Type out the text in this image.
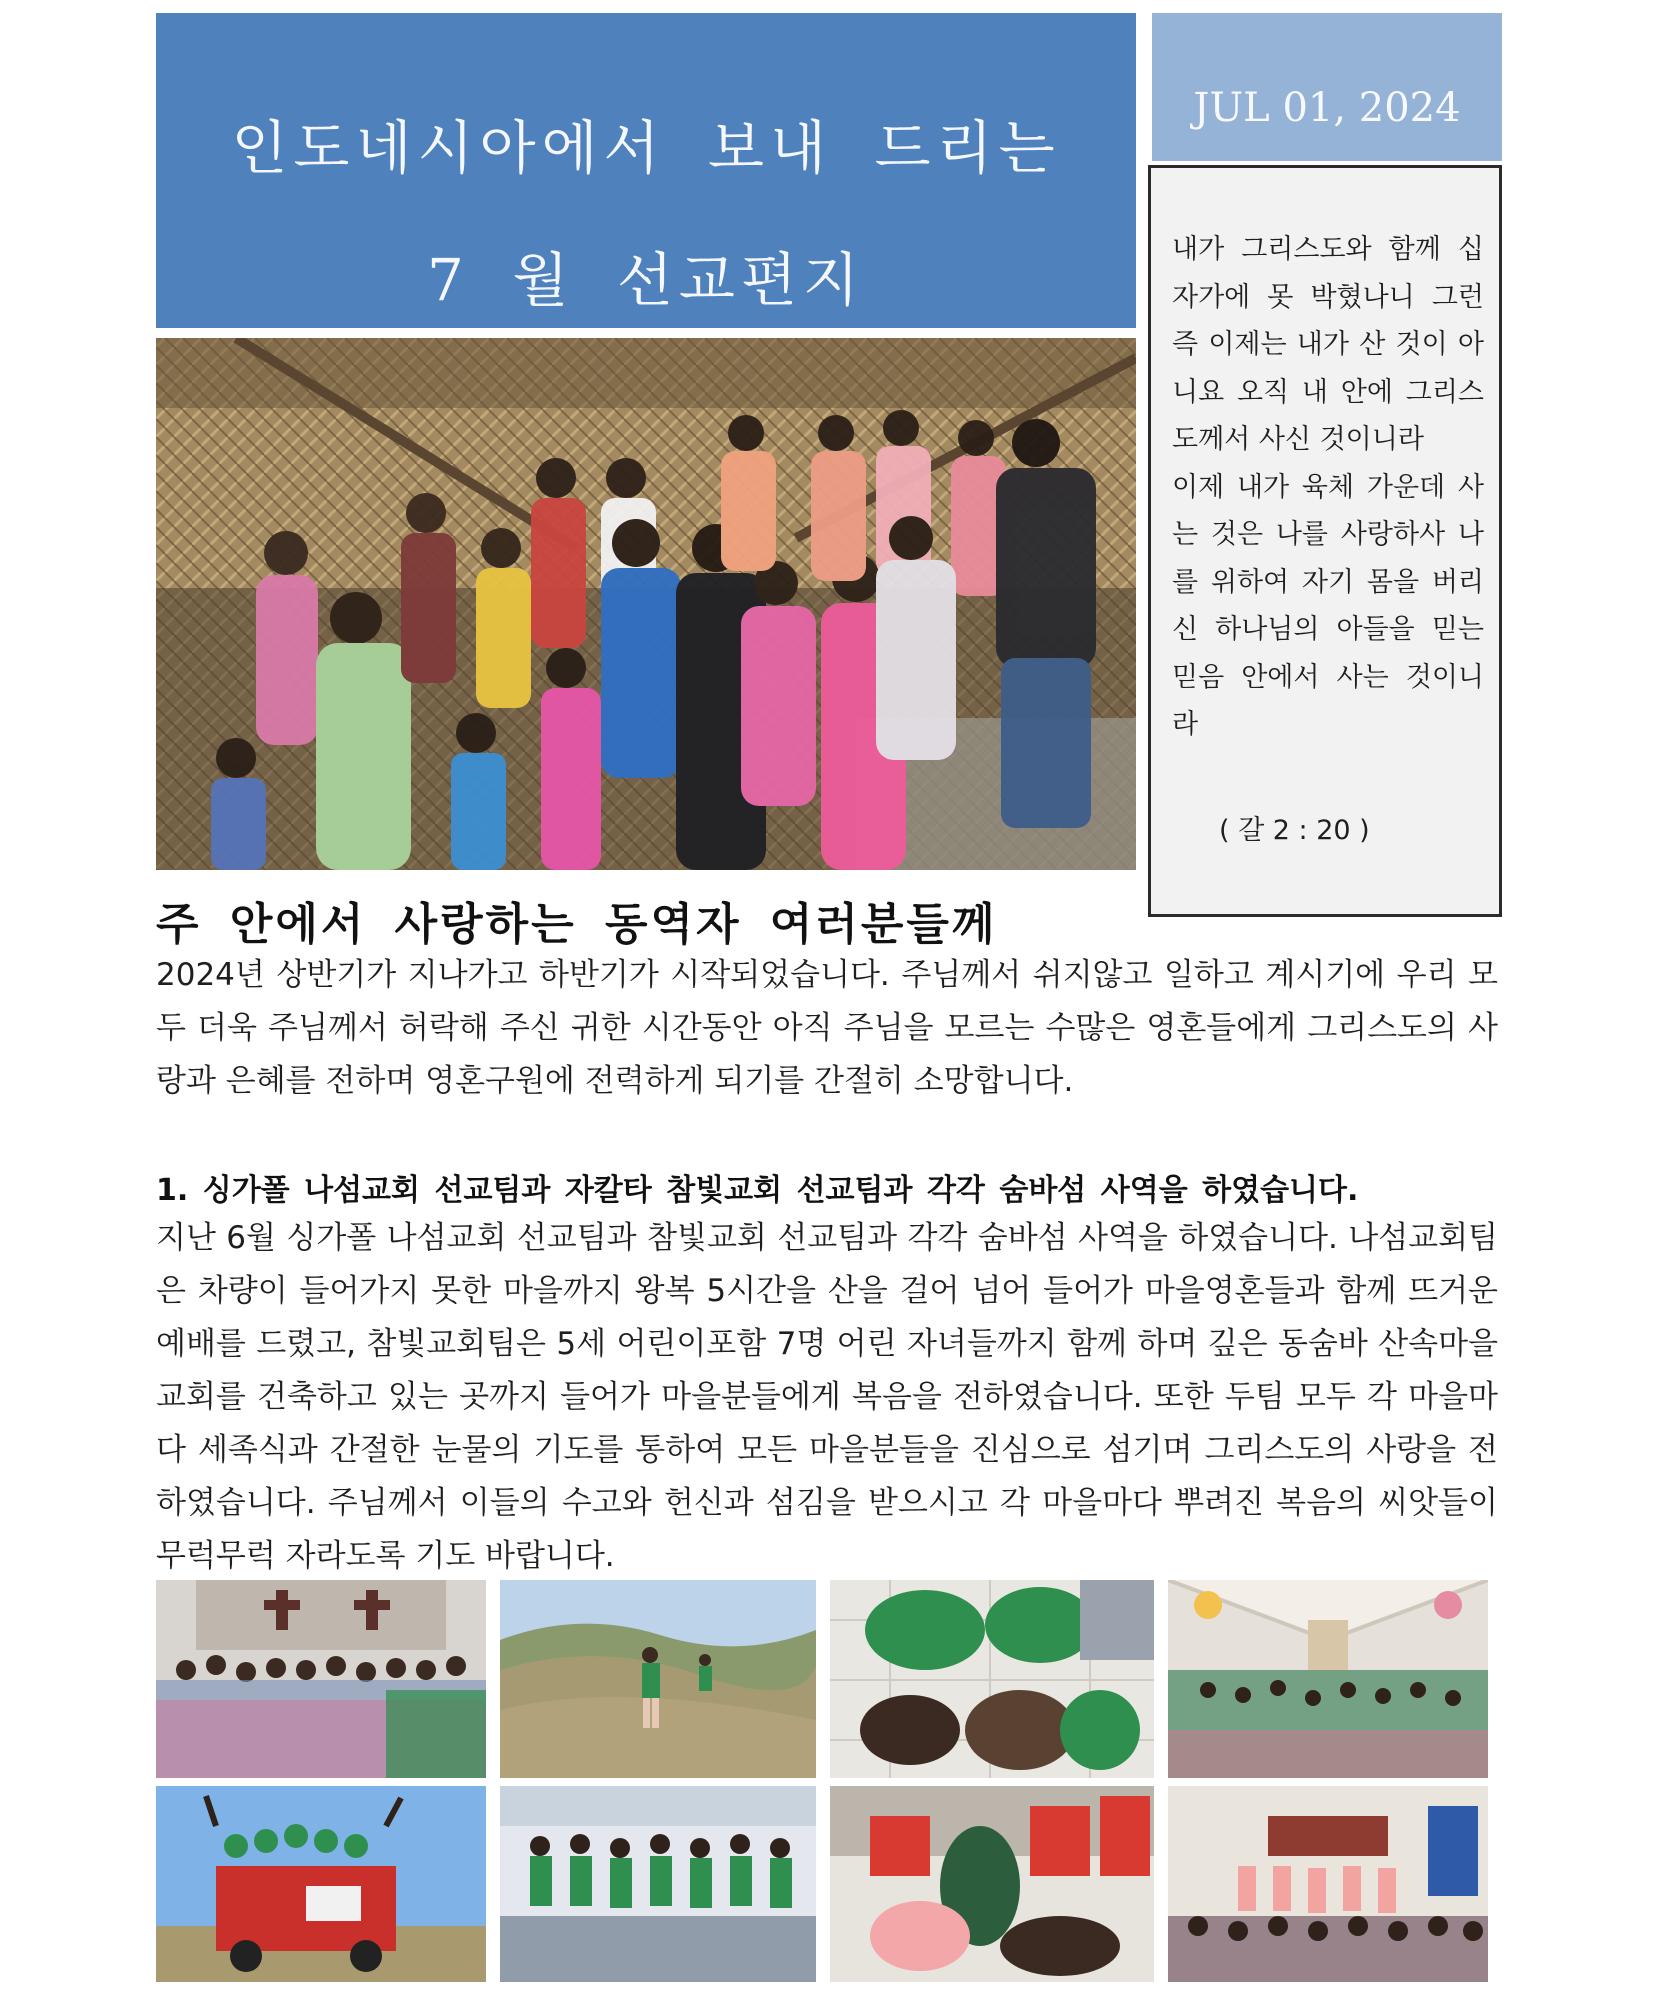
인도네시아에서 보내 드리는
7 월 선교편지
JUL 01, 2024
내가 그리스도와 함께 십자가에 못 박혔나니 그런즉 이제는 내가 산 것이 아니요 오직 내 안에 그리스도께서 사신 것이니라
이제 내가 육체 가운데 사는 것은 나를 사랑하사 나를 위하여 자기 몸을 버리신 하나님의 아들을 믿는 믿음 안에서 사는 것이니라
( 갈 2 : 20 )
주 안에서 사랑하는 동역자 여러분들께
2024년 상반기가 지나가고 하반기가 시작되었습니다. 주님께서 쉬지않고 일하고 계시기에 우리 모두 더욱 주님께서 허락해 주신 귀한 시간동안 아직 주님을 모르는 수많은 영혼들에게 그리스도의 사랑과 은혜를 전하며 영혼구원에 전력하게 되기를 간절히 소망합니다.
1. 싱가폴 나섬교회 선교팀과 자칼타 참빛교회 선교팀과 각각 숨바섬 사역을 하였습니다.
지난 6월 싱가폴 나섬교회 선교팀과 참빛교회 선교팀과 각각 숨바섬 사역을 하였습니다. 나섬교회팀은 차량이 들어가지 못한 마을까지 왕복 5시간을 산을 걸어 넘어 들어가 마을영혼들과 함께 뜨거운 예배를 드렸고, 참빛교회팀은 5세 어린이포함 7명 어린 자녀들까지 함께 하며 깊은 동숨바 산속마을 교회를 건축하고 있는 곳까지 들어가 마을분들에게 복음을 전하였습니다. 또한 두팀 모두 각 마을마다 세족식과 간절한 눈물의 기도를 통하여 모든 마을분들을 진심으로 섬기며 그리스도의 사랑을 전하였습니다. 주님께서 이들의 수고와 헌신과 섬김을 받으시고 각 마을마다 뿌려진 복음의 씨앗들이 무럭무럭 자라도록 기도 바랍니다.
